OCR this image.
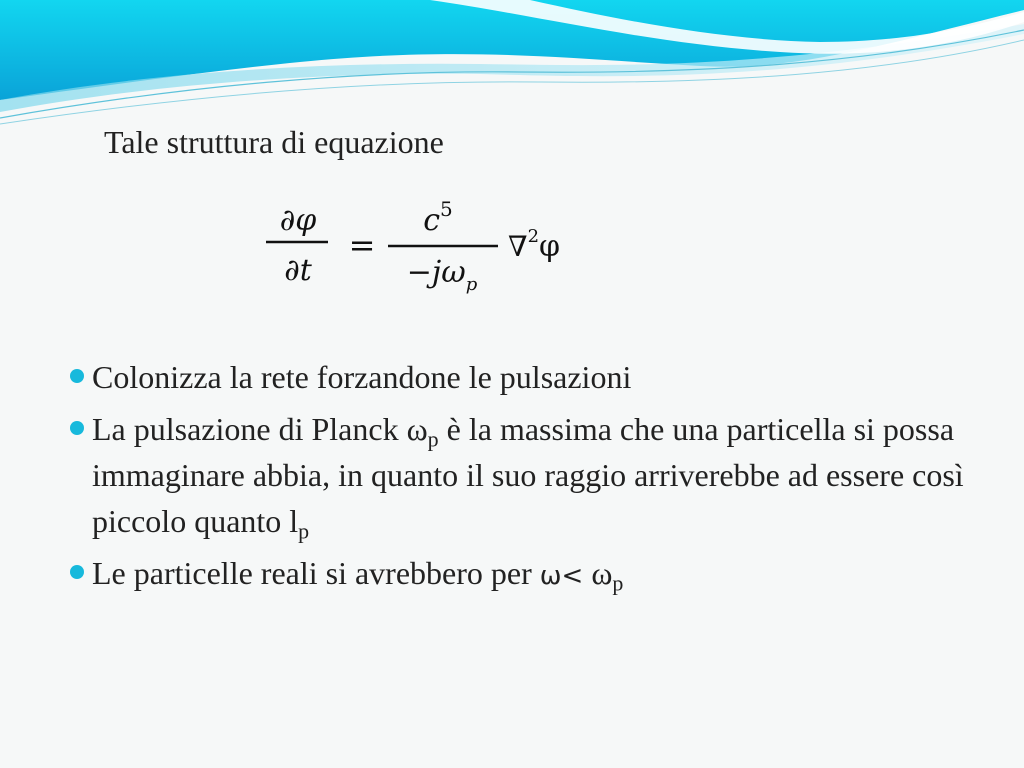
Tale struttura di equazione
∂φ
∂t
=
$c^5$
$-j\omega_p$
∇$^2$φ
Colonizza la rete forzandone le pulsazioni
La pulsazione di Planck $\omega_p$ è la massima che una particella si possa immaginare abbia, in quanto il suo raggio arriverebbe ad essere così piccolo quanto $l_p$
Le particelle reali si avrebbero per $\omega< \omega_p$
